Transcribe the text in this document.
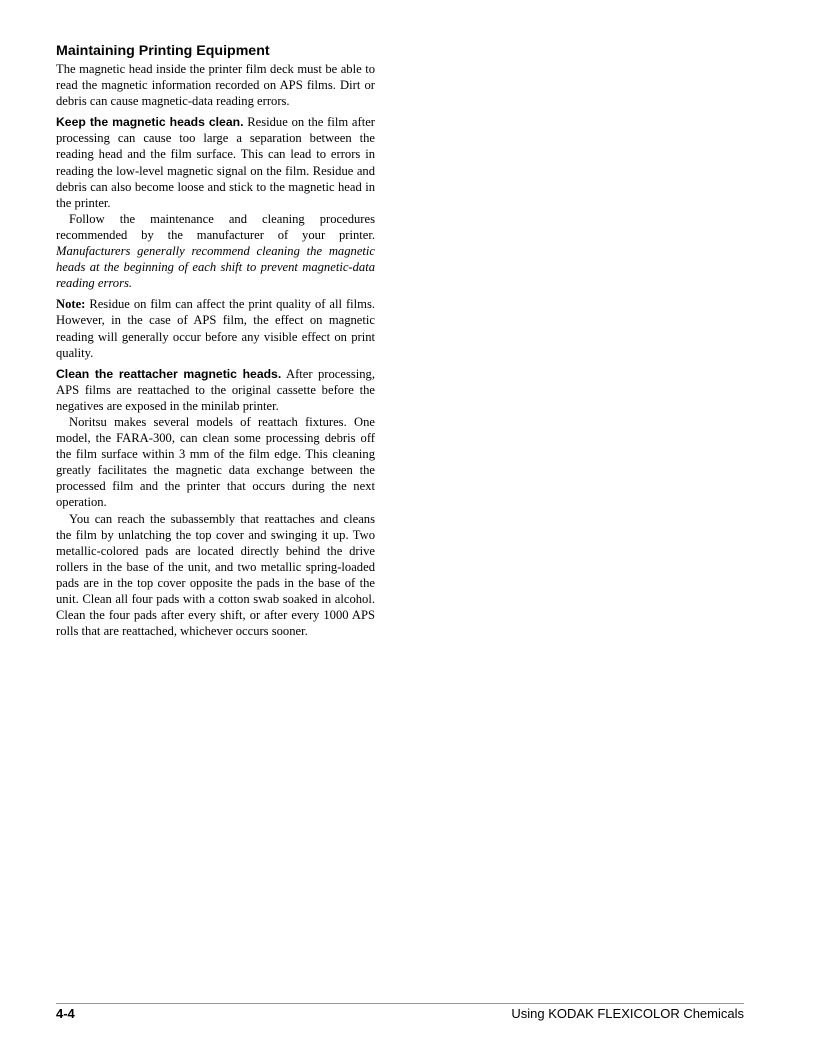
Maintaining Printing Equipment

The magnetic head inside the printer film deck must be able to read the magnetic information recorded on APS films. Dirt or debris can cause magnetic-data reading errors.

Keep the magnetic heads clean. Residue on the film after processing can cause too large a separation between the reading head and the film surface. This can lead to errors in reading the low-level magnetic signal on the film. Residue and debris can also become loose and stick to the magnetic head in the printer.

Follow the maintenance and cleaning procedures recommended by the manufacturer of your printer. Manufacturers generally recommend cleaning the magnetic heads at the beginning of each shift to prevent magnetic-data reading errors.

Note: Residue on film can affect the print quality of all films. However, in the case of APS film, the effect on magnetic reading will generally occur before any visible effect on print quality.

Clean the reattacher magnetic heads. After processing, APS films are reattached to the original cassette before the negatives are exposed in the minilab printer.

Noritsu makes several models of reattach fixtures. One model, the FARA-300, can clean some processing debris off the film surface within 3 mm of the film edge. This cleaning greatly facilitates the magnetic data exchange between the processed film and the printer that occurs during the next operation.

You can reach the subassembly that reattaches and cleans the film by unlatching the top cover and swinging it up. Two metallic-colored pads are located directly behind the drive rollers in the base of the unit, and two metallic spring-loaded pads are in the top cover opposite the pads in the base of the unit. Clean all four pads with a cotton swab soaked in alcohol. Clean the four pads after every shift, or after every 1000 APS rolls that are reattached, whichever occurs sooner.

4-4	Using KODAK FLEXICOLOR Chemicals
